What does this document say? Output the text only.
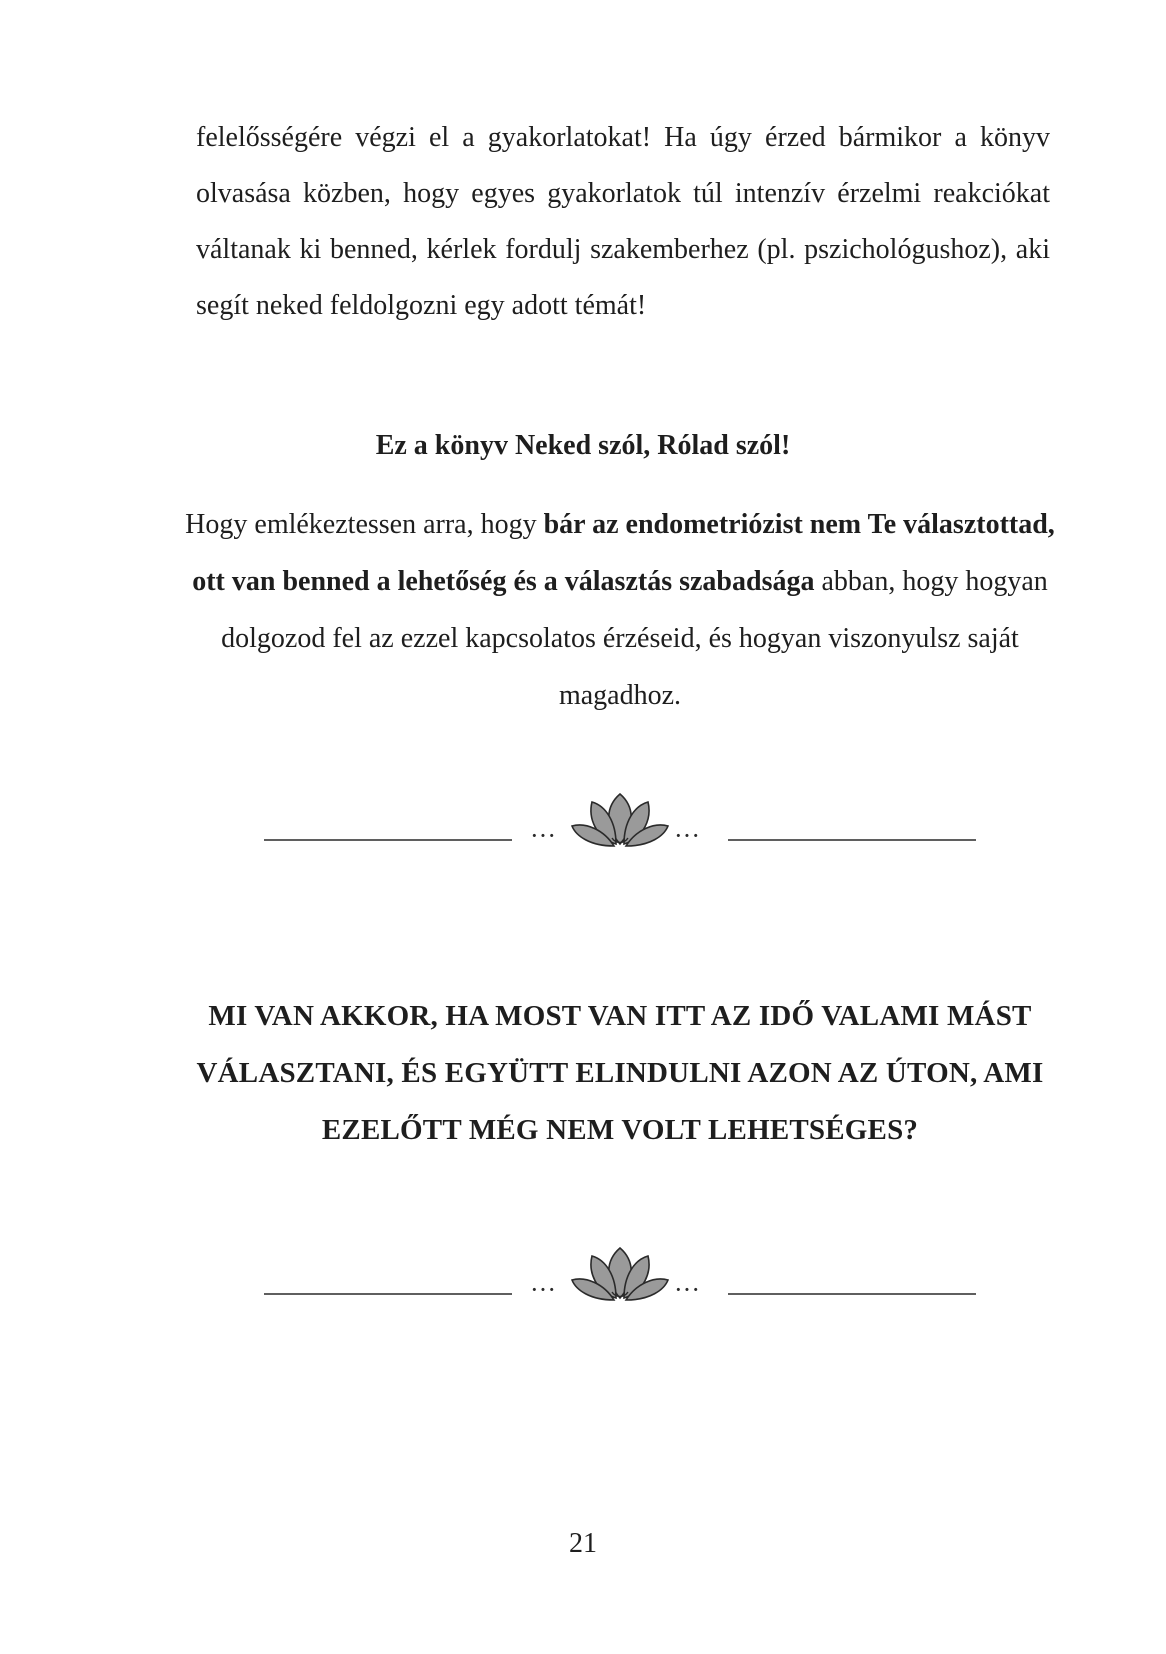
felelősségére végzi el a gyakorlatokat! Ha úgy érzed bármikor a könyv olvasása közben, hogy egyes gyakorlatok túl intenzív érzelmi reakciókat váltanak ki benned, kérlek fordulj szakemberhez (pl. pszichológushoz), aki segít neked feldolgozni egy adott témát!

Ez a könyv Neked szól, Rólad szól!

Hogy emlékeztessen arra, hogy bár az endometriózist nem Te választottad, ott van benned a lehetőség és a választás szabadsága abban, hogy hogyan dolgozod fel az ezzel kapcsolatos érzéseid, és hogyan viszonyulsz saját magadhoz.

···	···

MI VAN AKKOR, HA MOST VAN ITT AZ IDŐ VALAMI MÁST VÁLASZTANI, ÉS EGYÜTT ELINDULNI AZON AZ ÚTON, AMI EZELŐTT MÉG NEM VOLT LEHETSÉGES?

···	···

21
